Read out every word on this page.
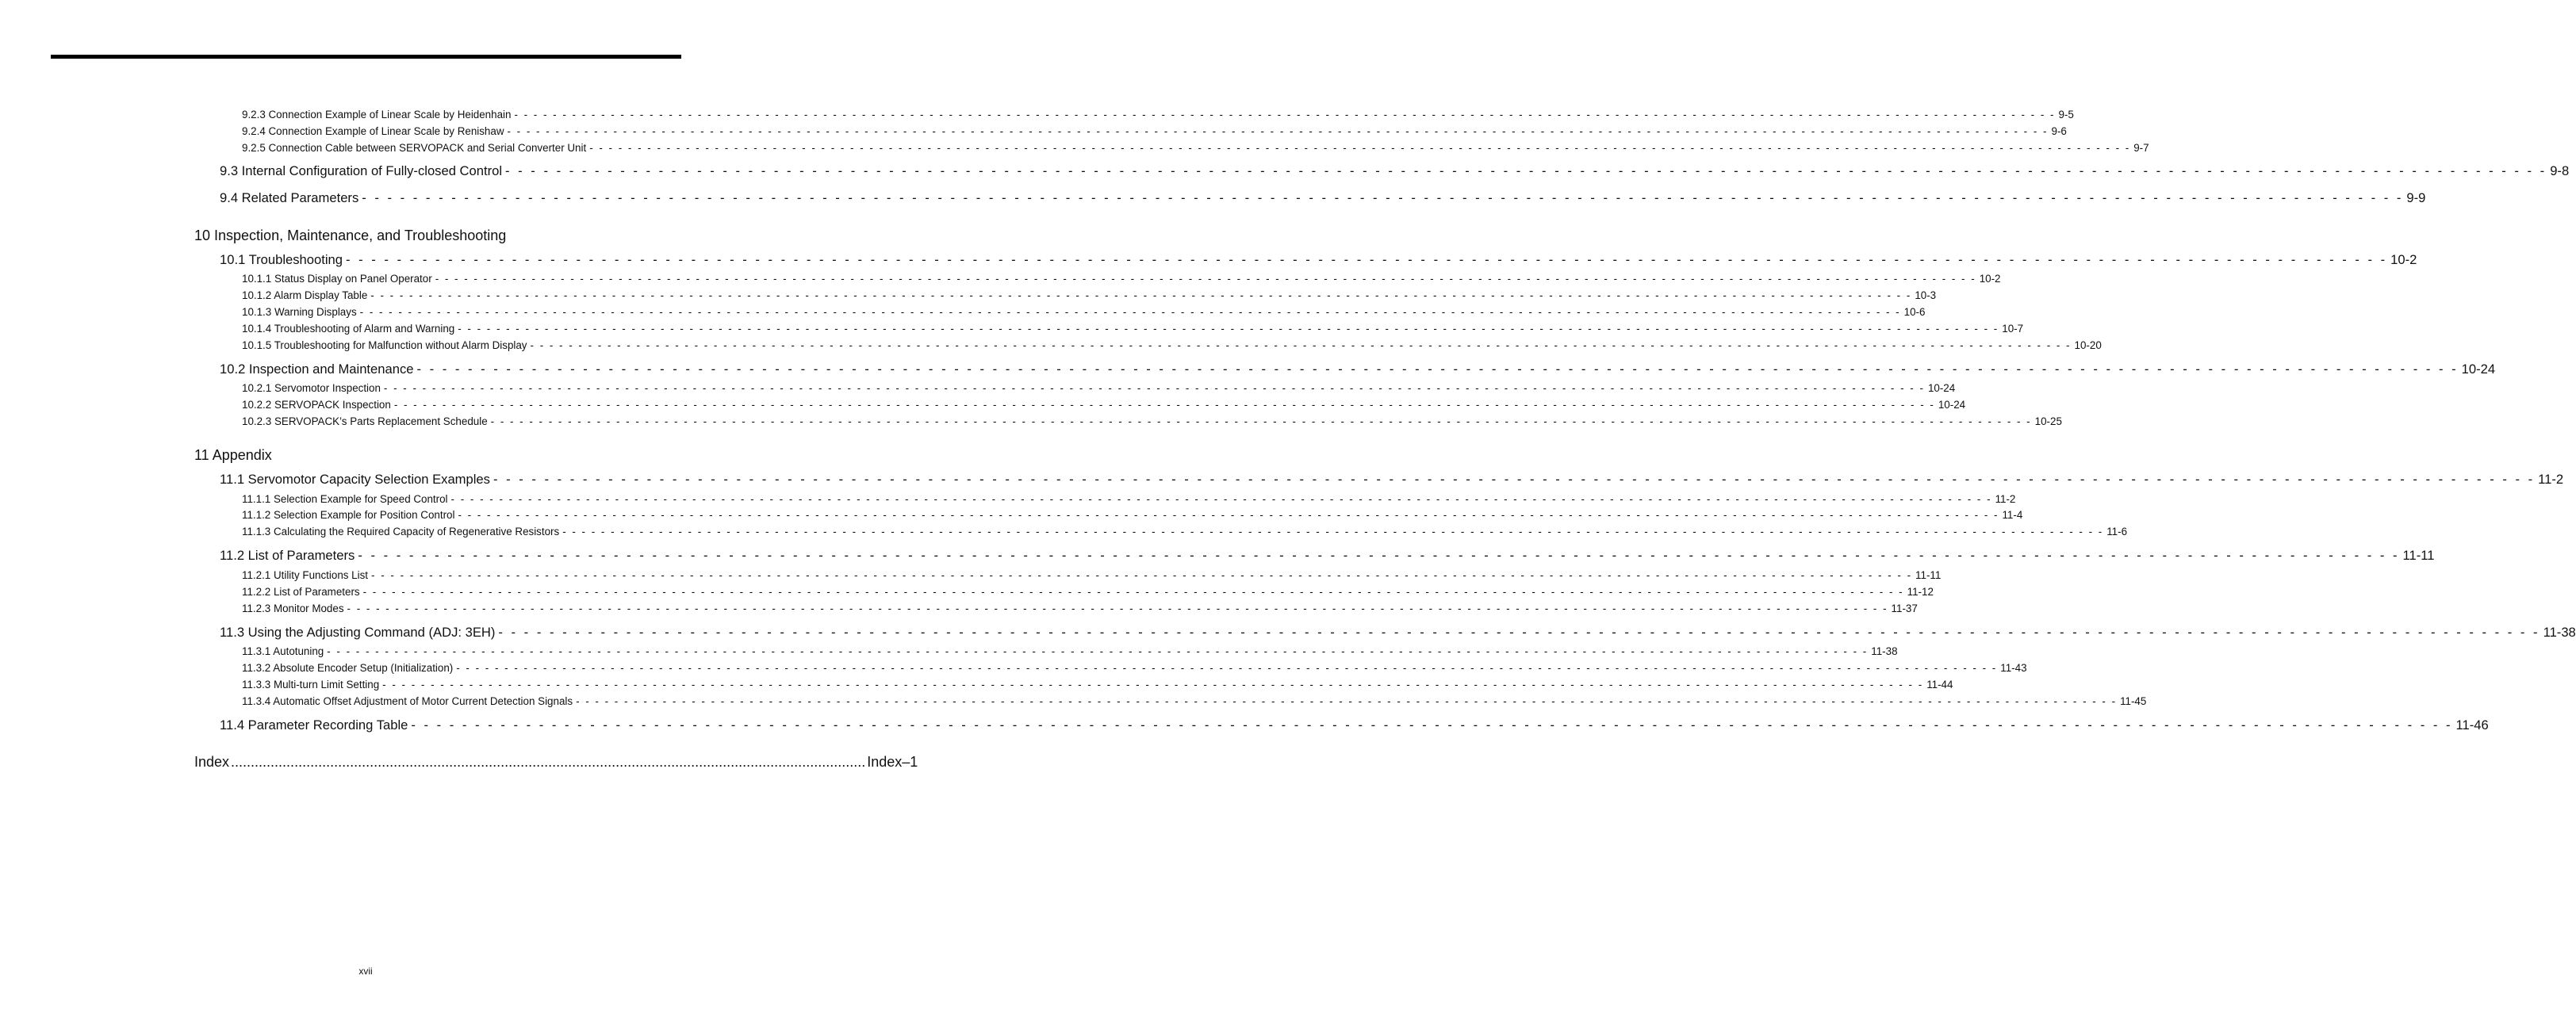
9.2.3 Connection Example of Linear Scale by Heidenhain - - - - - - - - - - - - - - - - - - - - - - - - - - - - - - - - - - - - - - - - - - - - - - - - - - - - - - - - - - - - - - - - - - - - - - - - - - - - - - - - - - - - - - - - - - - - - - - - - - - - - - - - - - - - - - - - - - - - - - - - - - - - - - - - - - - - - - - - - - - - - - - - - - - - - - - - - - - - - - - - 9-5
9.2.4 Connection Example of Linear Scale by Renishaw - - - - - - - - - - - - - - - - - - - - - - - - - - - - - - - - - - - - - - - - - - - - - - - - - - - - - - - - - - - - - - - - - - - - - - - - - - - - - - - - - - - - - - - - - - - - - - - - - - - - - - - - - - - - - - - - - - - - - - - - - - - - - - - - - - - - - - - - - - - - - - - - - - - - - - - - - - - - - - - - 9-6
9.2.5 Connection Cable between SERVOPACK and Serial Converter Unit - - - - - - - - - - - - - - - - - - - - - - - - - - - - - - - - - - - - - - - - - - - - - - - - - - - - - - - - - - - - - - - - - - - - - - - - - - - - - - - - - - - - - - - - - - - - - - - - - - - - - - - - - - - - - - - - - - - - - - - - - - - - - - - - - - - - - - - - - - - - - - - - - - - - - - - - - - - - - - - - 9-7
9.3 Internal Configuration of Fully-closed Control - - - - - - - - - - - - - - - - - - - - - - - - - - - - - - - - - - - - - - - - - - - - - - - - - - - - - - - - - - - - - - - - - - - - - - - - - - - - - - - - - - - - - - - - - - - - - - - - - - - - - - - - - - - - - - - - - - - - - - - - - - - - - - - - - - - - - - - - - - - - - - - - - - - - - - - - - - - - - - - - 9-8
9.4 Related Parameters - - - - - - - - - - - - - - - - - - - - - - - - - - - - - - - - - - - - - - - - - - - - - - - - - - - - - - - - - - - - - - - - - - - - - - - - - - - - - - - - - - - - - - - - - - - - - - - - - - - - - - - - - - - - - - - - - - - - - - - - - - - - - - - - - - - - - - - - - - - - - - - - - - - - - - - - - - - - - - - - 9-9
10 Inspection, Maintenance, and Troubleshooting
10.1 Troubleshooting - - - - - - - - - - - - - - - - - - - - - - - - - - - - - - - - - - - - - - - - - - - - - - - - - - - - - - - - - - - - - - - - - - - - - - - - - - - - - - - - - - - - - - - - - - - - - - - - - - - - - - - - - - - - - - - - - - - - - - - - - - - - - - - - - - - - - - - - - - - - - - - - - - - - - - - - - - - - - - - - 10-2
10.1.1 Status Display on Panel Operator - - - - - - - - - - - - - - - - - - - - - - - - - - - - - - - - - - - - - - - - - - - - - - - - - - - - - - - - - - - - - - - - - - - - - - - - - - - - - - - - - - - - - - - - - - - - - - - - - - - - - - - - - - - - - - - - - - - - - - - - - - - - - - - - - - - - - - - - - - - - - - - - - - - - - - - - - - - - - - - - 10-2
10.1.2 Alarm Display Table - - - - - - - - - - - - - - - - - - - - - - - - - - - - - - - - - - - - - - - - - - - - - - - - - - - - - - - - - - - - - - - - - - - - - - - - - - - - - - - - - - - - - - - - - - - - - - - - - - - - - - - - - - - - - - - - - - - - - - - - - - - - - - - - - - - - - - - - - - - - - - - - - - - - - - - - - - - - - - - - 10-3
10.1.3 Warning Displays - - - - - - - - - - - - - - - - - - - - - - - - - - - - - - - - - - - - - - - - - - - - - - - - - - - - - - - - - - - - - - - - - - - - - - - - - - - - - - - - - - - - - - - - - - - - - - - - - - - - - - - - - - - - - - - - - - - - - - - - - - - - - - - - - - - - - - - - - - - - - - - - - - - - - - - - - - - - - - - - 10-6
10.1.4 Troubleshooting of Alarm and Warning - - - - - - - - - - - - - - - - - - - - - - - - - - - - - - - - - - - - - - - - - - - - - - - - - - - - - - - - - - - - - - - - - - - - - - - - - - - - - - - - - - - - - - - - - - - - - - - - - - - - - - - - - - - - - - - - - - - - - - - - - - - - - - - - - - - - - - - - - - - - - - - - - - - - - - - - - - - - - - - - 10-7
10.1.5 Troubleshooting for Malfunction without Alarm Display - - - - - - - - - - - - - - - - - - - - - - - - - - - - - - - - - - - - - - - - - - - - - - - - - - - - - - - - - - - - - - - - - - - - - - - - - - - - - - - - - - - - - - - - - - - - - - - - - - - - - - - - - - - - - - - - - - - - - - - - - - - - - - - - - - - - - - - - - - - - - - - - - - - - - - - - - - - - - - - - 10-20
10.2 Inspection and Maintenance - - - - - - - - - - - - - - - - - - - - - - - - - - - - - - - - - - - - - - - - - - - - - - - - - - - - - - - - - - - - - - - - - - - - - - - - - - - - - - - - - - - - - - - - - - - - - - - - - - - - - - - - - - - - - - - - - - - - - - - - - - - - - - - - - - - - - - - - - - - - - - - - - - - - - - - - - - - - - - - - 10-24
10.2.1 Servomotor Inspection - - - - - - - - - - - - - - - - - - - - - - - - - - - - - - - - - - - - - - - - - - - - - - - - - - - - - - - - - - - - - - - - - - - - - - - - - - - - - - - - - - - - - - - - - - - - - - - - - - - - - - - - - - - - - - - - - - - - - - - - - - - - - - - - - - - - - - - - - - - - - - - - - - - - - - - - - - - - - - - - 10-24
10.2.2 SERVOPACK Inspection - - - - - - - - - - - - - - - - - - - - - - - - - - - - - - - - - - - - - - - - - - - - - - - - - - - - - - - - - - - - - - - - - - - - - - - - - - - - - - - - - - - - - - - - - - - - - - - - - - - - - - - - - - - - - - - - - - - - - - - - - - - - - - - - - - - - - - - - - - - - - - - - - - - - - - - - - - - - - - - - 10-24
10.2.3 SERVOPACK’s Parts Replacement Schedule - - - - - - - - - - - - - - - - - - - - - - - - - - - - - - - - - - - - - - - - - - - - - - - - - - - - - - - - - - - - - - - - - - - - - - - - - - - - - - - - - - - - - - - - - - - - - - - - - - - - - - - - - - - - - - - - - - - - - - - - - - - - - - - - - - - - - - - - - - - - - - - - - - - - - - - - - - - - - - - - 10-25
11 Appendix
11.1 Servomotor Capacity Selection Examples - - - - - - - - - - - - - - - - - - - - - - - - - - - - - - - - - - - - - - - - - - - - - - - - - - - - - - - - - - - - - - - - - - - - - - - - - - - - - - - - - - - - - - - - - - - - - - - - - - - - - - - - - - - - - - - - - - - - - - - - - - - - - - - - - - - - - - - - - - - - - - - - - - - - - - - - - - - - - - - - 11-2
11.1.1 Selection Example for Speed Control - - - - - - - - - - - - - - - - - - - - - - - - - - - - - - - - - - - - - - - - - - - - - - - - - - - - - - - - - - - - - - - - - - - - - - - - - - - - - - - - - - - - - - - - - - - - - - - - - - - - - - - - - - - - - - - - - - - - - - - - - - - - - - - - - - - - - - - - - - - - - - - - - - - - - - - - - - - - - - - - 11-2
11.1.2 Selection Example for Position Control - - - - - - - - - - - - - - - - - - - - - - - - - - - - - - - - - - - - - - - - - - - - - - - - - - - - - - - - - - - - - - - - - - - - - - - - - - - - - - - - - - - - - - - - - - - - - - - - - - - - - - - - - - - - - - - - - - - - - - - - - - - - - - - - - - - - - - - - - - - - - - - - - - - - - - - - - - - - - - - - 11-4
11.1.3 Calculating the Required Capacity of Regenerative Resistors - - - - - - - - - - - - - - - - - - - - - - - - - - - - - - - - - - - - - - - - - - - - - - - - - - - - - - - - - - - - - - - - - - - - - - - - - - - - - - - - - - - - - - - - - - - - - - - - - - - - - - - - - - - - - - - - - - - - - - - - - - - - - - - - - - - - - - - - - - - - - - - - - - - - - - - - - - - - - - - - 11-6
11.2 List of Parameters - - - - - - - - - - - - - - - - - - - - - - - - - - - - - - - - - - - - - - - - - - - - - - - - - - - - - - - - - - - - - - - - - - - - - - - - - - - - - - - - - - - - - - - - - - - - - - - - - - - - - - - - - - - - - - - - - - - - - - - - - - - - - - - - - - - - - - - - - - - - - - - - - - - - - - - - - - - - - - - - 11-11
11.2.1 Utility Functions List - - - - - - - - - - - - - - - - - - - - - - - - - - - - - - - - - - - - - - - - - - - - - - - - - - - - - - - - - - - - - - - - - - - - - - - - - - - - - - - - - - - - - - - - - - - - - - - - - - - - - - - - - - - - - - - - - - - - - - - - - - - - - - - - - - - - - - - - - - - - - - - - - - - - - - - - - - - - - - - - 11-11
11.2.2 List of Parameters - - - - - - - - - - - - - - - - - - - - - - - - - - - - - - - - - - - - - - - - - - - - - - - - - - - - - - - - - - - - - - - - - - - - - - - - - - - - - - - - - - - - - - - - - - - - - - - - - - - - - - - - - - - - - - - - - - - - - - - - - - - - - - - - - - - - - - - - - - - - - - - - - - - - - - - - - - - - - - - - 11-12
11.2.3 Monitor Modes - - - - - - - - - - - - - - - - - - - - - - - - - - - - - - - - - - - - - - - - - - - - - - - - - - - - - - - - - - - - - - - - - - - - - - - - - - - - - - - - - - - - - - - - - - - - - - - - - - - - - - - - - - - - - - - - - - - - - - - - - - - - - - - - - - - - - - - - - - - - - - - - - - - - - - - - - - - - - - - - 11-37
11.3 Using the Adjusting Command (ADJ: 3EH) - - - - - - - - - - - - - - - - - - - - - - - - - - - - - - - - - - - - - - - - - - - - - - - - - - - - - - - - - - - - - - - - - - - - - - - - - - - - - - - - - - - - - - - - - - - - - - - - - - - - - - - - - - - - - - - - - - - - - - - - - - - - - - - - - - - - - - - - - - - - - - - - - - - - - - - - - - - - - - - - 11-38
11.3.1 Autotuning - - - - - - - - - - - - - - - - - - - - - - - - - - - - - - - - - - - - - - - - - - - - - - - - - - - - - - - - - - - - - - - - - - - - - - - - - - - - - - - - - - - - - - - - - - - - - - - - - - - - - - - - - - - - - - - - - - - - - - - - - - - - - - - - - - - - - - - - - - - - - - - - - - - - - - - - - - - - - - - - 11-38
11.3.2 Absolute Encoder Setup (Initialization) - - - - - - - - - - - - - - - - - - - - - - - - - - - - - - - - - - - - - - - - - - - - - - - - - - - - - - - - - - - - - - - - - - - - - - - - - - - - - - - - - - - - - - - - - - - - - - - - - - - - - - - - - - - - - - - - - - - - - - - - - - - - - - - - - - - - - - - - - - - - - - - - - - - - - - - - - - - - - - - - 11-43
11.3.3 Multi-turn Limit Setting - - - - - - - - - - - - - - - - - - - - - - - - - - - - - - - - - - - - - - - - - - - - - - - - - - - - - - - - - - - - - - - - - - - - - - - - - - - - - - - - - - - - - - - - - - - - - - - - - - - - - - - - - - - - - - - - - - - - - - - - - - - - - - - - - - - - - - - - - - - - - - - - - - - - - - - - - - - - - - - - 11-44
11.3.4 Automatic Offset Adjustment of Motor Current Detection Signals - - - - - - - - - - - - - - - - - - - - - - - - - - - - - - - - - - - - - - - - - - - - - - - - - - - - - - - - - - - - - - - - - - - - - - - - - - - - - - - - - - - - - - - - - - - - - - - - - - - - - - - - - - - - - - - - - - - - - - - - - - - - - - - - - - - - - - - - - - - - - - - - - - - - - - - - - - - - - - - - 11-45
11.4 Parameter Recording Table - - - - - - - - - - - - - - - - - - - - - - - - - - - - - - - - - - - - - - - - - - - - - - - - - - - - - - - - - - - - - - - - - - - - - - - - - - - - - - - - - - - - - - - - - - - - - - - - - - - - - - - - - - - - - - - - - - - - - - - - - - - - - - - - - - - - - - - - - - - - - - - - - - - - - - - - - - - - - - - - 11-46
Index ................................................................................................................................................................ Index–1
xvii
